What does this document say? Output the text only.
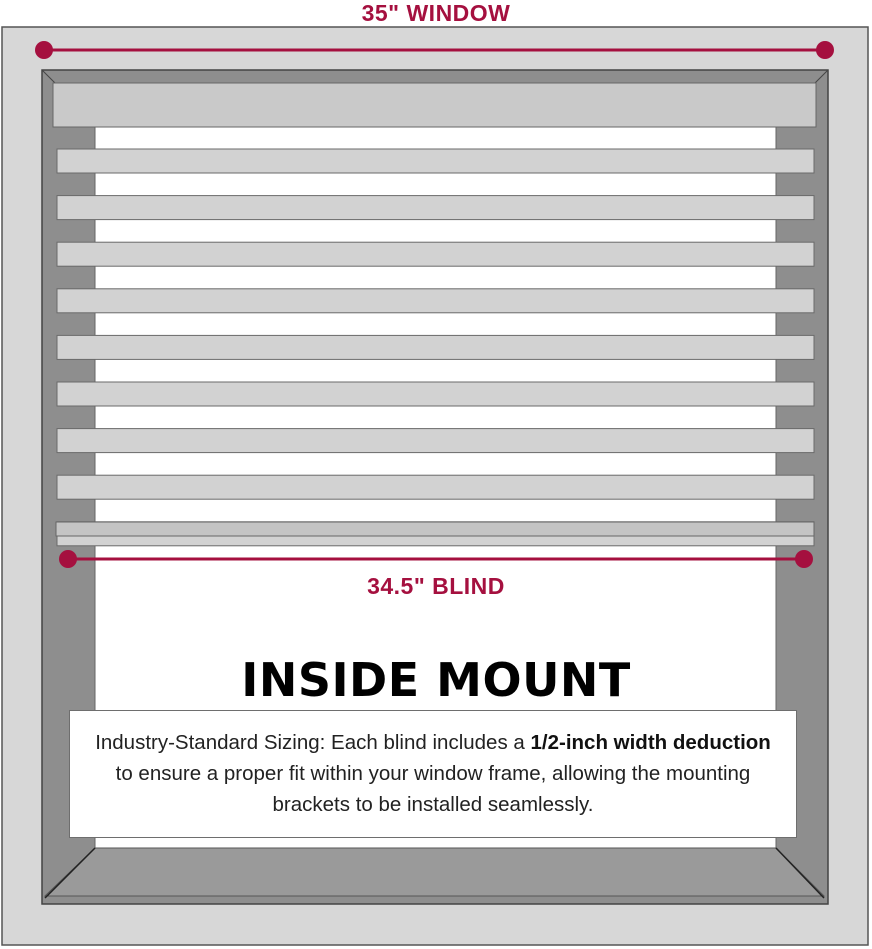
35" WINDOW
34.5" BLIND
INSIDE MOUNT
Industry-Standard Sizing: Each blind includes a 1/2-inch width deduction to ensure a proper fit within your window frame, allowing the mounting brackets to be installed seamlessly.
